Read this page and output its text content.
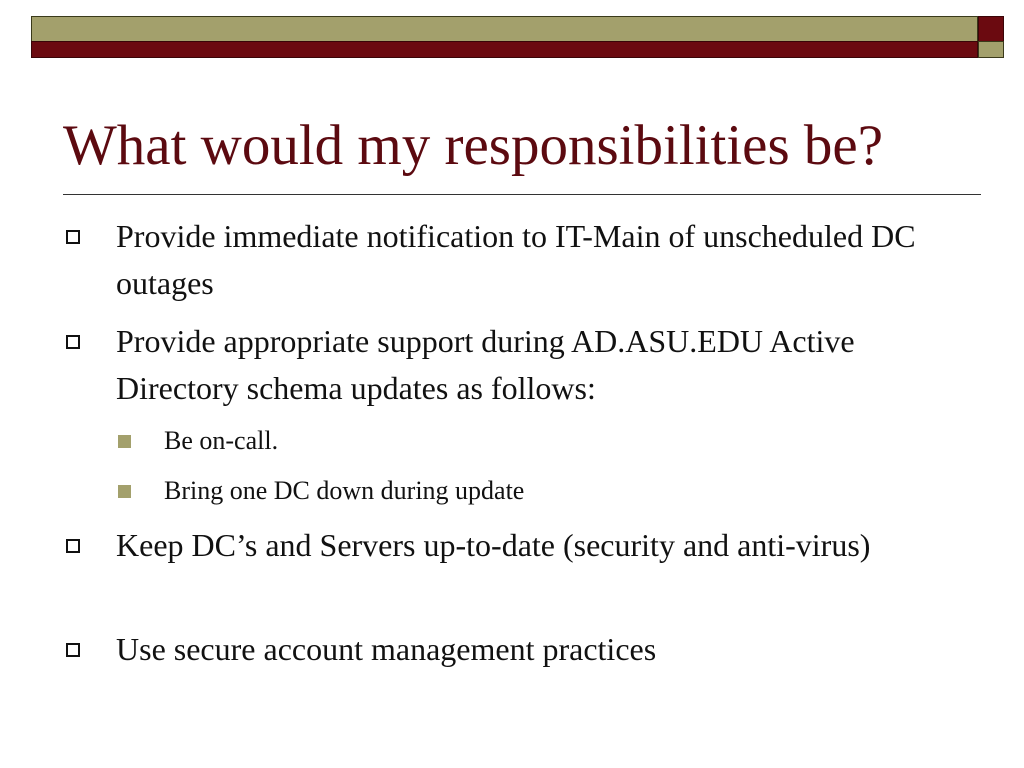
What would my responsibilities be?
Provide immediate notification to IT-Main of unscheduled DC outages
Provide appropriate support during AD.ASU.EDU Active Directory schema updates as follows:
Be on-call.
Bring one DC down during update
Keep DC’s and Servers up-to-date (security and anti-virus)
Use secure account management practices
